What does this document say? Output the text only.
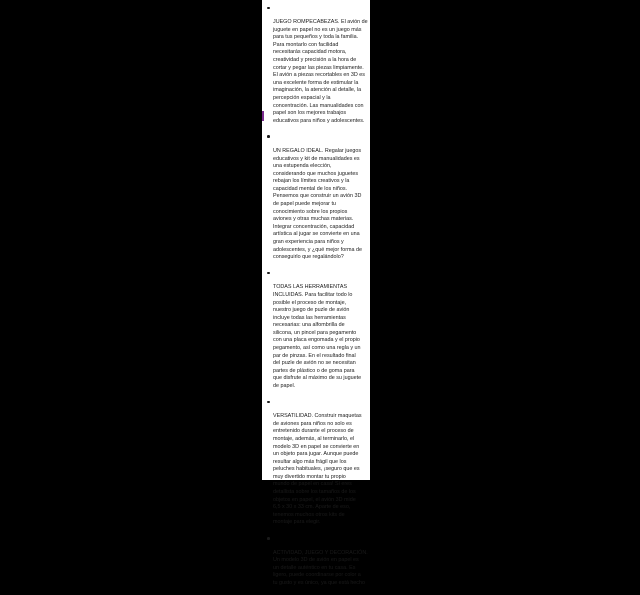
JUEGO ROMPECABEZAS. El avión de
juguete en papel no es un juego más
para tus pequeños y toda la familia.
Para montarlo con facilidad
necesitarás capacidad motora,
creatividad y precisión a la hora de
cortar y pegar las piezas limpiamente.
El avión a piezas recortables en 3D es
una excelente forma de estimular la
imaginación, la atención al detalle, la
percepción espacial y la
concentración. Las manualidades con
papel son los mejores trabajos
educativos para niños y adolescentes.

UN REGALO IDEAL. Regalar juegos
educativos y kit de manualidades es
una estupenda elección,
considerando que muchos juguetes
rebajan los límites creativos y la
capacidad mental de los niños.
Pensemos que construir un avión 3D
de papel puede mejorar tu
conocimiento sobre los propios
aviones y otras muchas materias.
Integrar concentración, capacidad
artística al jugar se convierte en una
gran experiencia para niños y
adolescentes, y ¿qué mejor forma de
conseguirlo que regalándolo?

TODAS LAS HERRAMIENTAS
INCLUIDAS. Para facilitar todo lo
posible el proceso de montaje,
nuestro juego de puzle de avión
incluye todas las herramientas
necesarias: una alfombrilla de
silicona, un pincel para pegamento
con una placa engomada y el propio
pegamento, así como una regla y un
par de pinzas. En el resultado final
del puzle de avión no se necesitan
partes de plástico o de goma para
que disfrute al máximo de su juguete
de papel.

VERSATILIDAD. Construir maquetas
de aviones para niños no solo es
entretenido durante el proceso de
montaje, además, al terminarlo, el
modelo 3D en papel se convierte en
un objeto para jugar. Aunque puede
resultar algo más frágil que los
peluches habituales, ¡seguro que es
muy divertido montar tu propio
mundo de papel en casa! Si eres
detallista sobre los tamaños de los
objetos en papel, el avión 3D mide
6,5 x 30 x 33 cm. Aparte de eso,
tenemos muchos otros kits de
montaje para elegir.

ACTIVIDAD, JUEGO Y DECORACIÓN.
Un modelo 3D de avión en papel es
un detalle auténtico en tu casa. Es
ligero, puede coordinarse por color a
tu gusto y es único, ya que está hecho
